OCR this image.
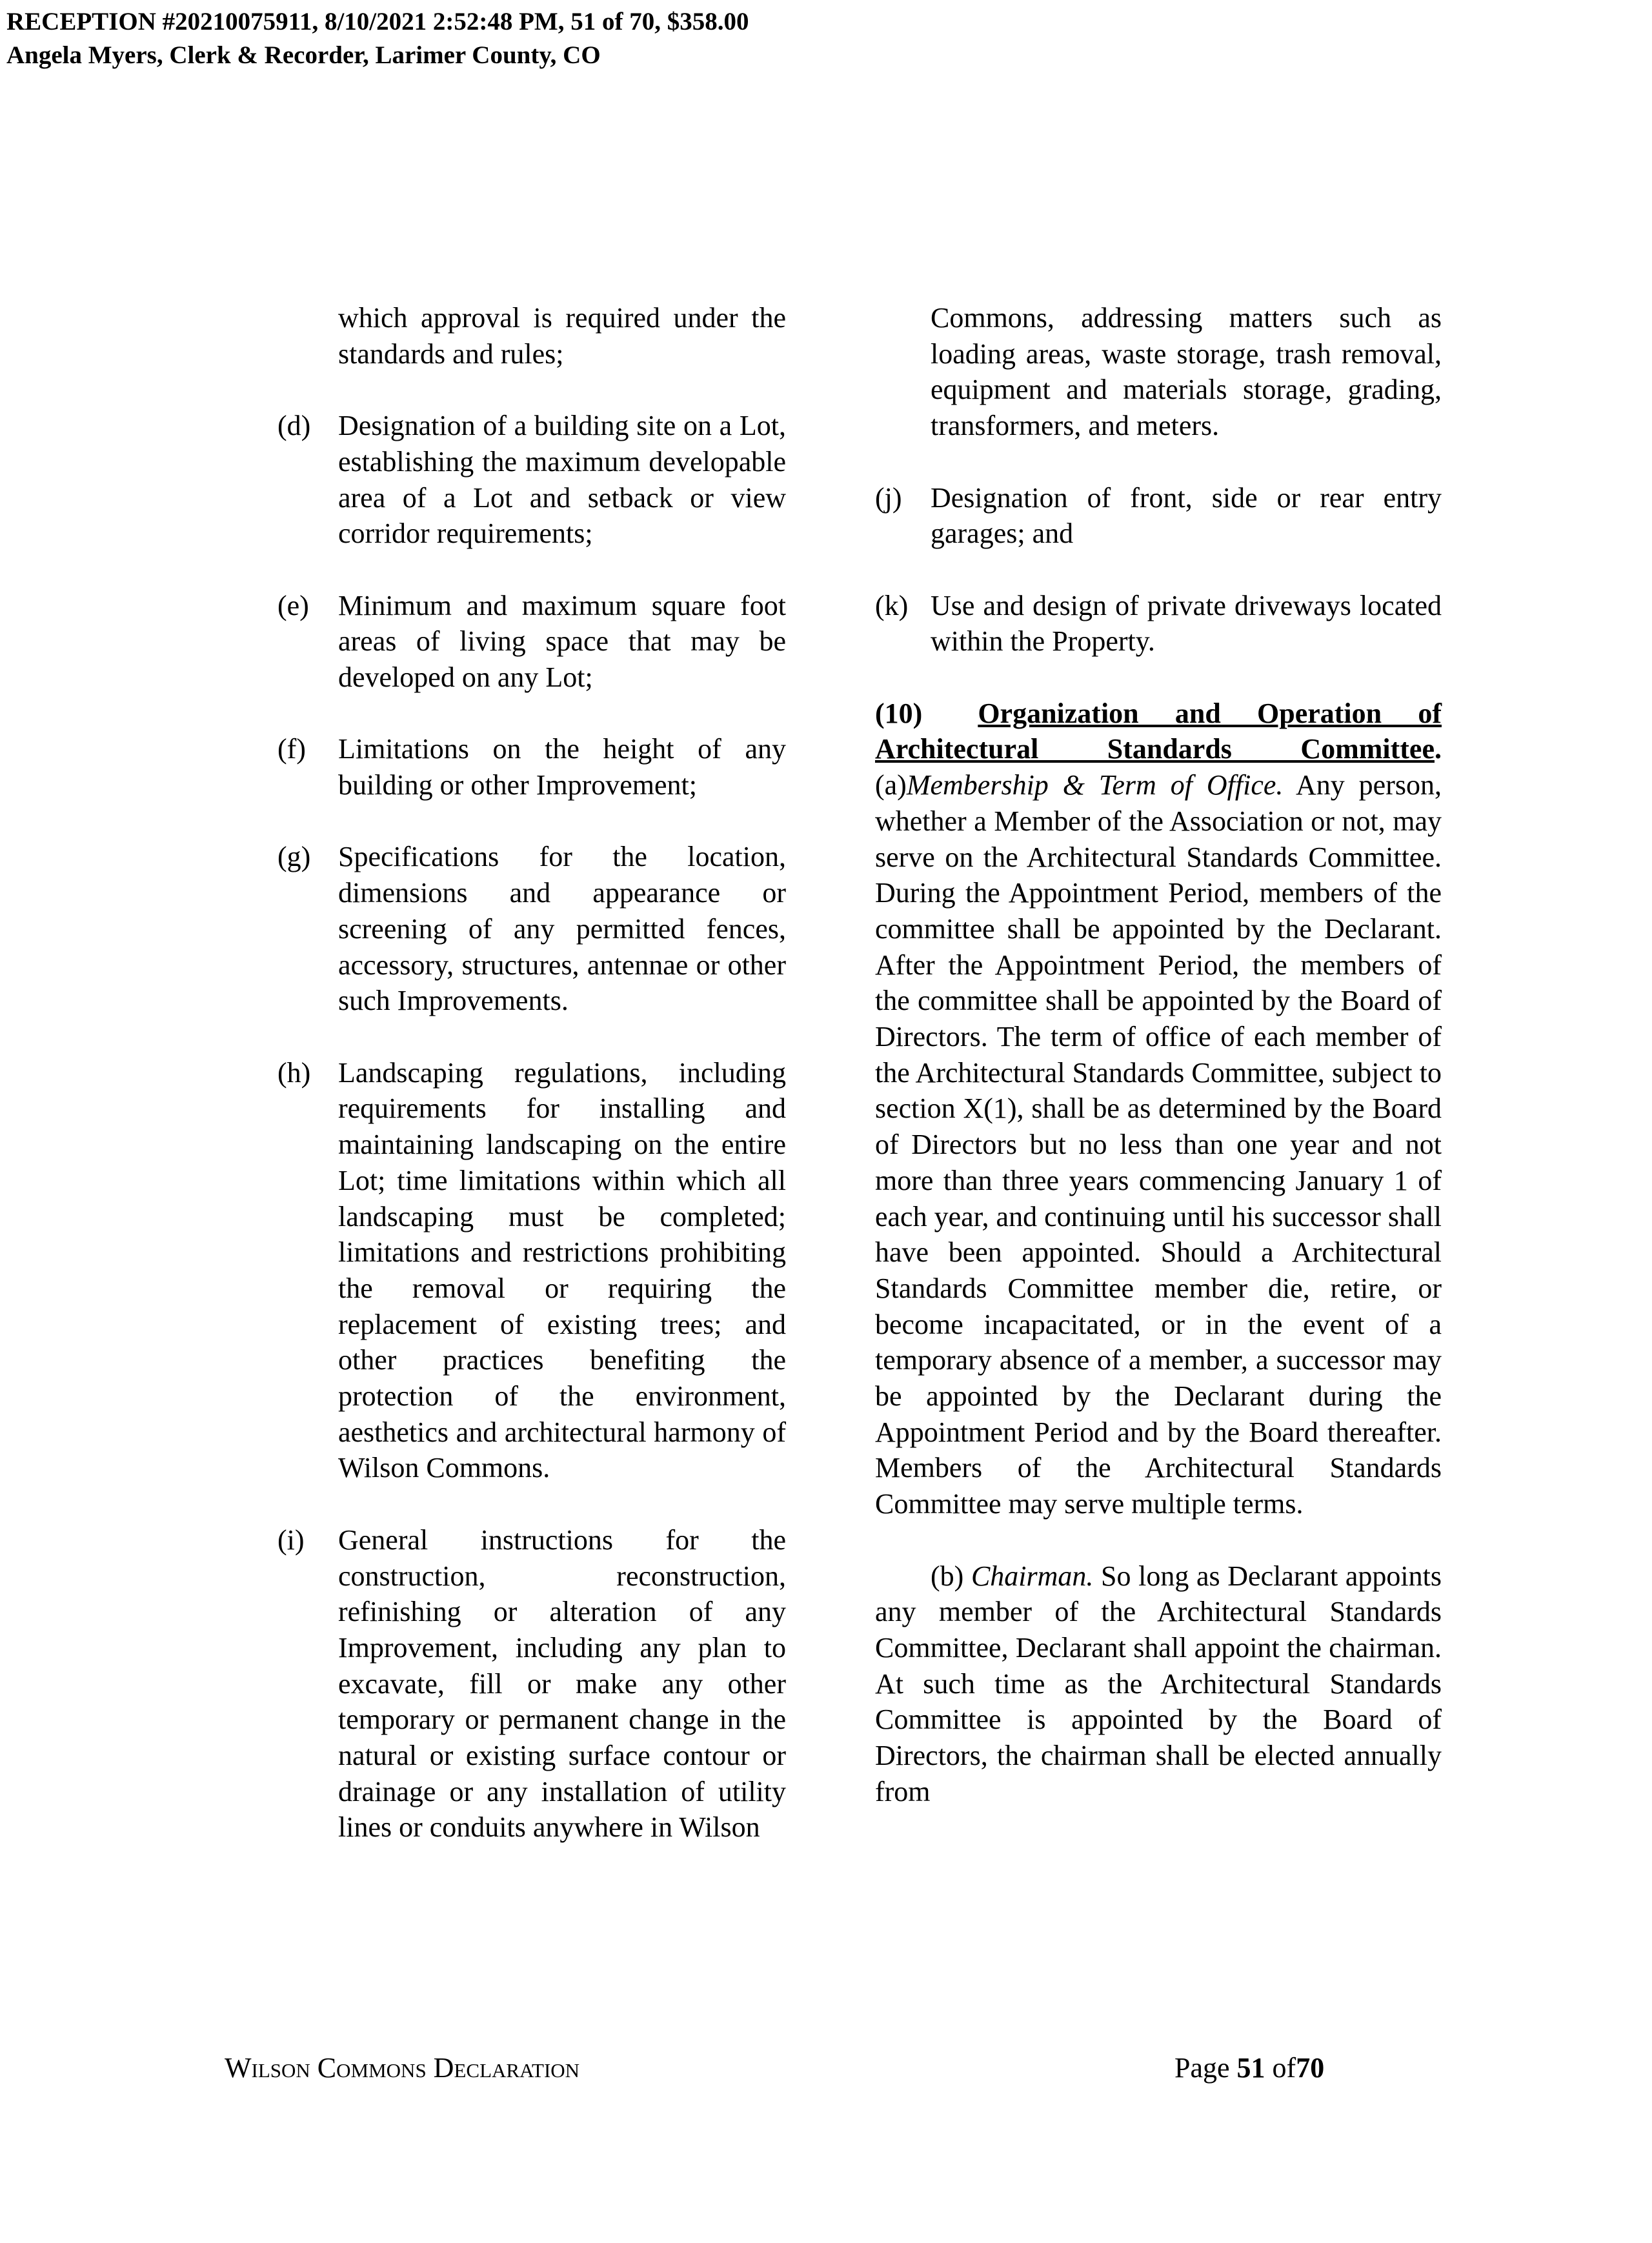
RECEPTION #20210075911, 8/10/2021 2:52:48 PM, 51 of 70, $358.00
Angela Myers, Clerk & Recorder, Larimer County, CO
which approval is required under the standards and rules;
(d) Designation of a building site on a Lot, establishing the maximum developable area of a Lot and setback or view corridor requirements;
(e) Minimum and maximum square foot areas of living space that may be developed on any Lot;
(f) Limitations on the height of any building or other Improvement;
(g) Specifications for the location, dimensions and appearance or screening of any permitted fences, accessory, structures, antennae or other such Improvements.
(h) Landscaping regulations, including requirements for installing and maintaining landscaping on the entire Lot; time limitations within which all landscaping must be completed; limitations and restrictions prohibiting the removal or requiring the replacement of existing trees; and other practices benefiting the protection of the environment, aesthetics and architectural harmony of Wilson Commons.
(i) General instructions for the construction, reconstruction, refinishing or alteration of any Improvement, including any plan to excavate, fill or make any other temporary or permanent change in the natural or existing surface contour or drainage or any installation of utility lines or conduits anywhere in Wilson
Commons, addressing matters such as loading areas, waste storage, trash removal, equipment and materials storage, grading, transformers, and meters.
(j) Designation of front, side or rear entry garages; and
(k) Use and design of private driveways located within the Property.
(10) Organization and Operation of Architectural Standards Committee. (a)Membership & Term of Office. Any person, whether a Member of the Association or not, may serve on the Architectural Standards Committee. During the Appointment Period, members of the committee shall be appointed by the Declarant. After the Appointment Period, the members of the committee shall be appointed by the Board of Directors. The term of office of each member of the Architectural Standards Committee, subject to section X(1), shall be as determined by the Board of Directors but no less than one year and not more than three years commencing January 1 of each year, and continuing until his successor shall have been appointed. Should a Architectural Standards Committee member die, retire, or become incapacitated, or in the event of a temporary absence of a member, a successor may be appointed by the Declarant during the Appointment Period and by the Board thereafter. Members of the Architectural Standards Committee may serve multiple terms.
(b) Chairman. So long as Declarant appoints any member of the Architectural Standards Committee, Declarant shall appoint the chairman. At such time as the Architectural Standards Committee is appointed by the Board of Directors, the chairman shall be elected annually from
Wilson Commons Declaration	Page 51 of70
